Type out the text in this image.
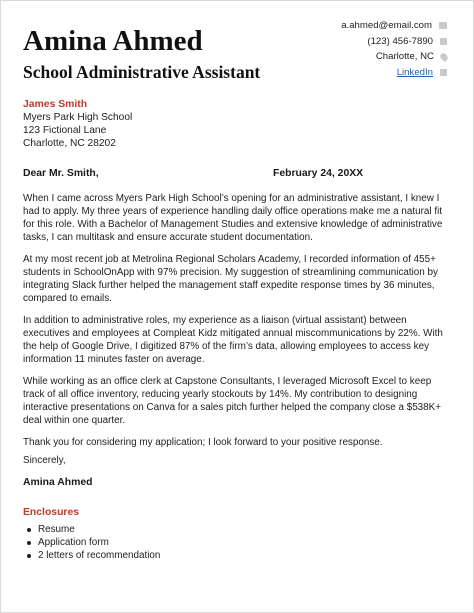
Amina Ahmed
School Administrative Assistant
a.ahmed@email.com
(123) 456-7890
Charlotte, NC
LinkedIn
James Smith
Myers Park High School
123 Fictional Lane
Charlotte, NC 28202
Dear Mr. Smith,	February 24, 20XX

When I came across Myers Park High School’s opening for an administrative assistant, I knew I had to apply. My three years of experience handling daily office operations make me a natural fit for this role. With a Bachelor of Management Studies and extensive knowledge of administrative tasks, I can multitask and ensure accurate student documentation.

At my most recent job at Metrolina Regional Scholars Academy, I recorded information of 455+ students in SchoolOnApp with 97% precision. My suggestion of streamlining communication by integrating Slack further helped the management staff expedite response times by 36 minutes, compared to emails.

In addition to administrative roles, my experience as a liaison (virtual assistant) between executives and employees at Compleat Kidz mitigated annual miscommunications by 22%. With the help of Google Drive, I digitized 87% of the firm’s data, allowing employees to access key information 11 minutes faster on average.

While working as an office clerk at Capstone Consultants, I leveraged Microsoft Excel to keep track of all office inventory, reducing yearly stockouts by 14%. My contribution to designing interactive presentations on Canva for a sales pitch further helped the company close a $538K+ deal within one quarter.

Thank you for considering my application; I look forward to your positive response.

Sincerely,
Amina Ahmed
Enclosures
Resume
Application form
2 letters of recommendation
